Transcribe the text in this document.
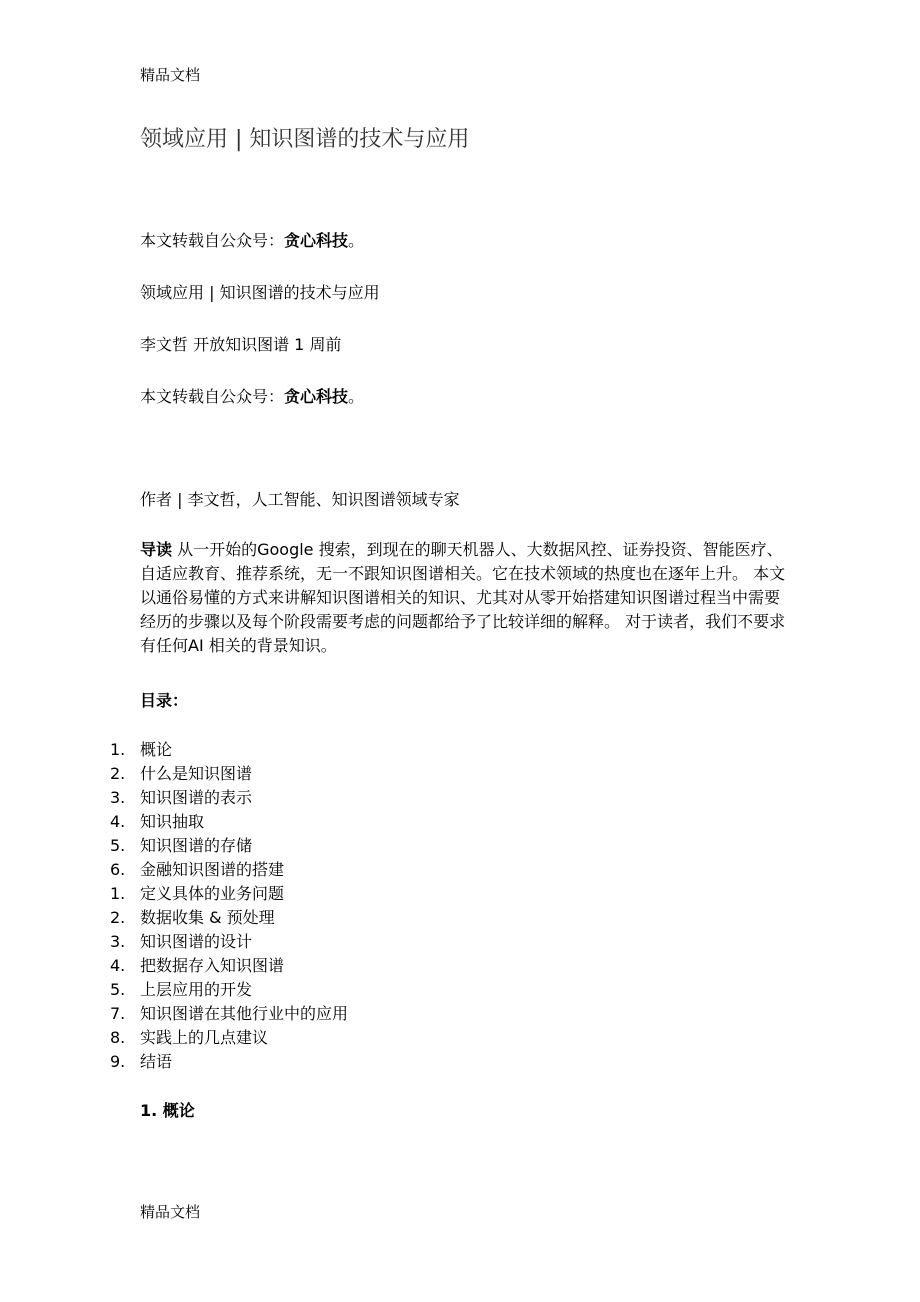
精品文档
领域应用 | 知识图谱的技术与应用
本文转载自公众号：贪心科技。
领域应用 | 知识图谱的技术与应用
李文哲 开放知识图谱 1 周前
本文转载自公众号：贪心科技。
作者 | 李文哲，人工智能、知识图谱领域专家
导读 从一开始的Google 搜索，到现在的聊天机器人、大数据风控、证券投资、智能医疗、自适应教育、推荐系统，无一不跟知识图谱相关。它在技术领域的热度也在逐年上升。 本文以通俗易懂的方式来讲解知识图谱相关的知识、尤其对从零开始搭建知识图谱过程当中需要经历的步骤以及每个阶段需要考虑的问题都给予了比较详细的解释。 对于读者，我们不要求有任何AI 相关的背景知识。
目录：
1. 概论
2. 什么是知识图谱
3. 知识图谱的表示
4. 知识抽取
5. 知识图谱的存储
6. 金融知识图谱的搭建
1. 定义具体的业务问题
2. 数据收集 & 预处理
3. 知识图谱的设计
4. 把数据存入知识图谱
5. 上层应用的开发
7. 知识图谱在其他行业中的应用
8. 实践上的几点建议
9. 结语
1. 概论
精品文档
